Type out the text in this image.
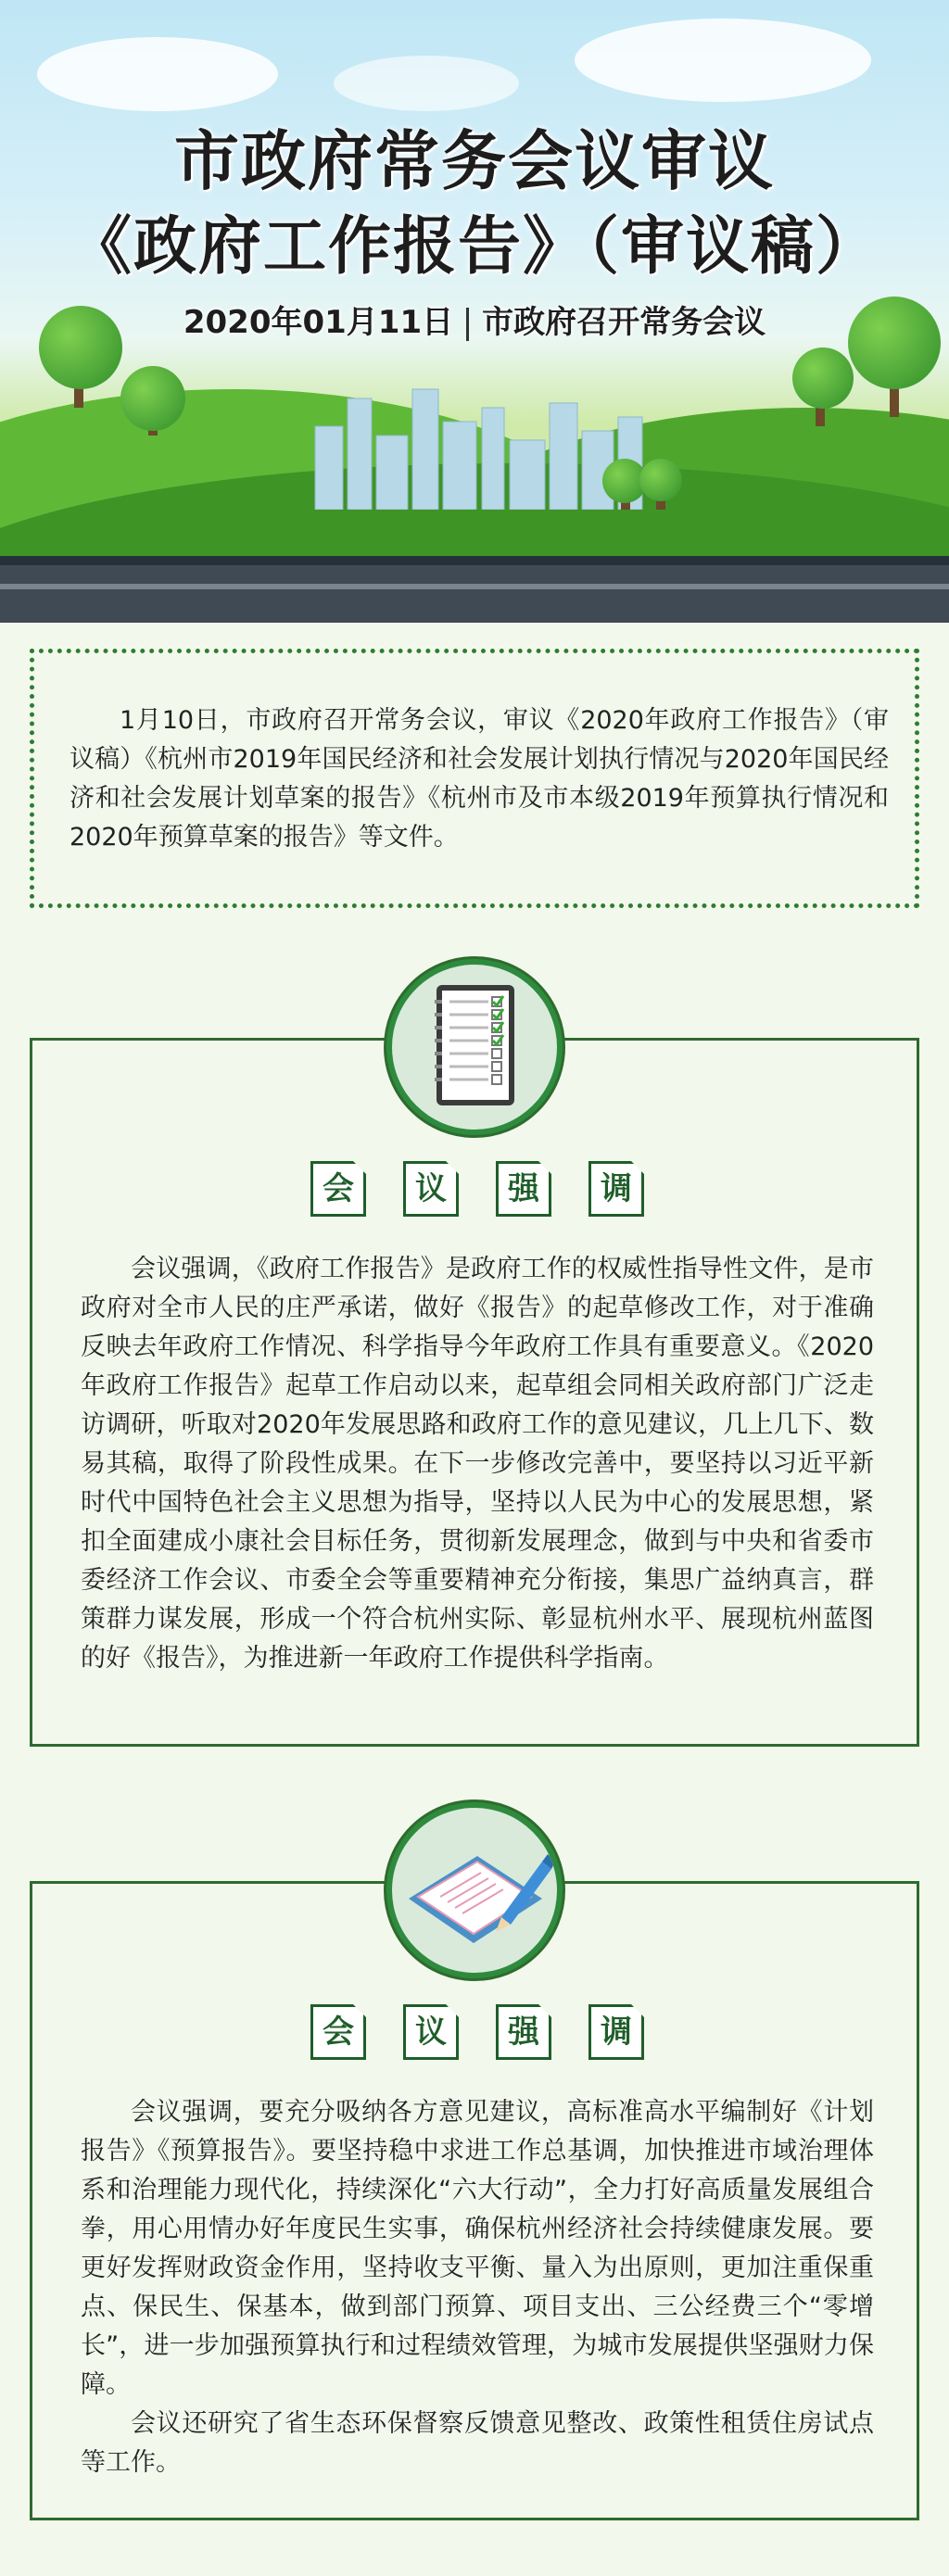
市政府常务会议审议
《政府工作报告》（审议稿）
2020年01月11日 市政府召开常务会议

1月10日，市政府召开常务会议，审议《2020年政府工作报告》（审议稿）《杭州市2019年国民经济和社会发展计划执行情况与2020年国民经济和社会发展计划草案的报告》《杭州市及市本级2019年预算执行情况和2020年预算草案的报告》等文件。

会 议 强 调

会议强调，《政府工作报告》是政府工作的权威性指导性文件，是市政府对全市人民的庄严承诺，做好《报告》的起草修改工作，对于准确反映去年政府工作情况、科学指导今年政府工作具有重要意义。《2020年政府工作报告》起草工作启动以来，起草组会同相关政府部门广泛走访调研，听取对2020年发展思路和政府工作的意见建议，几上几下、数易其稿，取得了阶段性成果。在下一步修改完善中，要坚持以习近平新时代中国特色社会主义思想为指导，坚持以人民为中心的发展思想，紧扣全面建成小康社会目标任务，贯彻新发展理念，做到与中央和省委市委经济工作会议、市委全会等重要精神充分衔接，集思广益纳真言，群策群力谋发展，形成一个符合杭州实际、彰显杭州水平、展现杭州蓝图的好《报告》，为推进新一年政府工作提供科学指南。

会 议 强 调

会议强调，要充分吸纳各方意见建议，高标准高水平编制好《计划报告》《预算报告》。要坚持稳中求进工作总基调，加快推进市域治理体系和治理能力现代化，持续深化“六大行动”，全力打好高质量发展组合拳，用心用情办好年度民生实事，确保杭州经济社会持续健康发展。要更好发挥财政资金作用，坚持收支平衡、量入为出原则，更加注重保重点、保民生、保基本，做到部门预算、项目支出、三公经费三个“零增长”，进一步加强预算执行和过程绩效管理，为城市发展提供坚强财力保障。

会议还研究了省生态环保督察反馈意见整改、政策性租赁住房试点等工作。
